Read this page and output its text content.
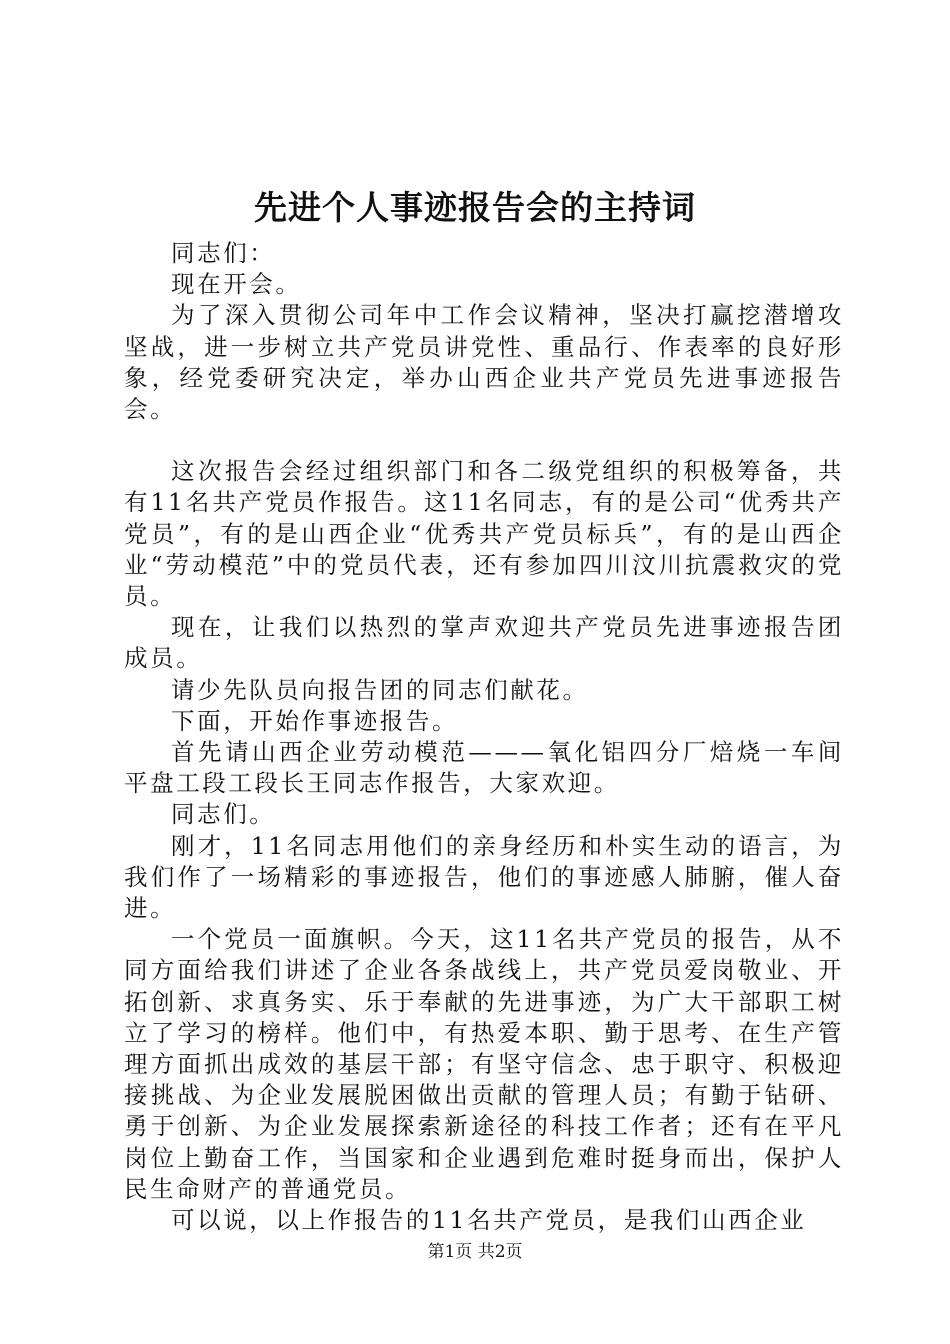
先进个人事迹报告会的主持词

同志们：

现在开会。

为了深入贯彻公司年中工作会议精神，坚决打赢挖潜增攻坚战，进一步树立共产党员讲党性、重品行、作表率的良好形象，经党委研究决定，举办山西企业共产党员先进事迹报告会。

这次报告会经过组织部门和各二级党组织的积极筹备，共有11名共产党员作报告。这11名同志，有的是公司“优秀共产党员”，有的是山西企业“优秀共产党员标兵”，有的是山西企业“劳动模范”中的党员代表，还有参加四川汶川抗震救灾的党员。

现在，让我们以热烈的掌声欢迎共产党员先进事迹报告团成员。

请少先队员向报告团的同志们献花。

下面，开始作事迹报告。

首先请山西企业劳动模范———氧化铝四分厂焙烧一车间平盘工段工段长王同志作报告，大家欢迎。

同志们。

刚才，11名同志用他们的亲身经历和朴实生动的语言，为我们作了一场精彩的事迹报告，他们的事迹感人肺腑，催人奋进。

一个党员一面旗帜。今天，这11名共产党员的报告，从不同方面给我们讲述了企业各条战线上，共产党员爱岗敬业、开拓创新、求真务实、乐于奉献的先进事迹，为广大干部职工树立了学习的榜样。他们中，有热爱本职、勤于思考、在生产管理方面抓出成效的基层干部；有坚守信念、忠于职守、积极迎接挑战、为企业发展脱困做出贡献的管理人员；有勤于钻研、勇于创新、为企业发展探索新途径的科技工作者；还有在平凡岗位上勤奋工作，当国家和企业遇到危难时挺身而出，保护人民生命财产的普通党员。

可以说，以上作报告的11名共产党员，是我们山西企业

第1页 共2页
